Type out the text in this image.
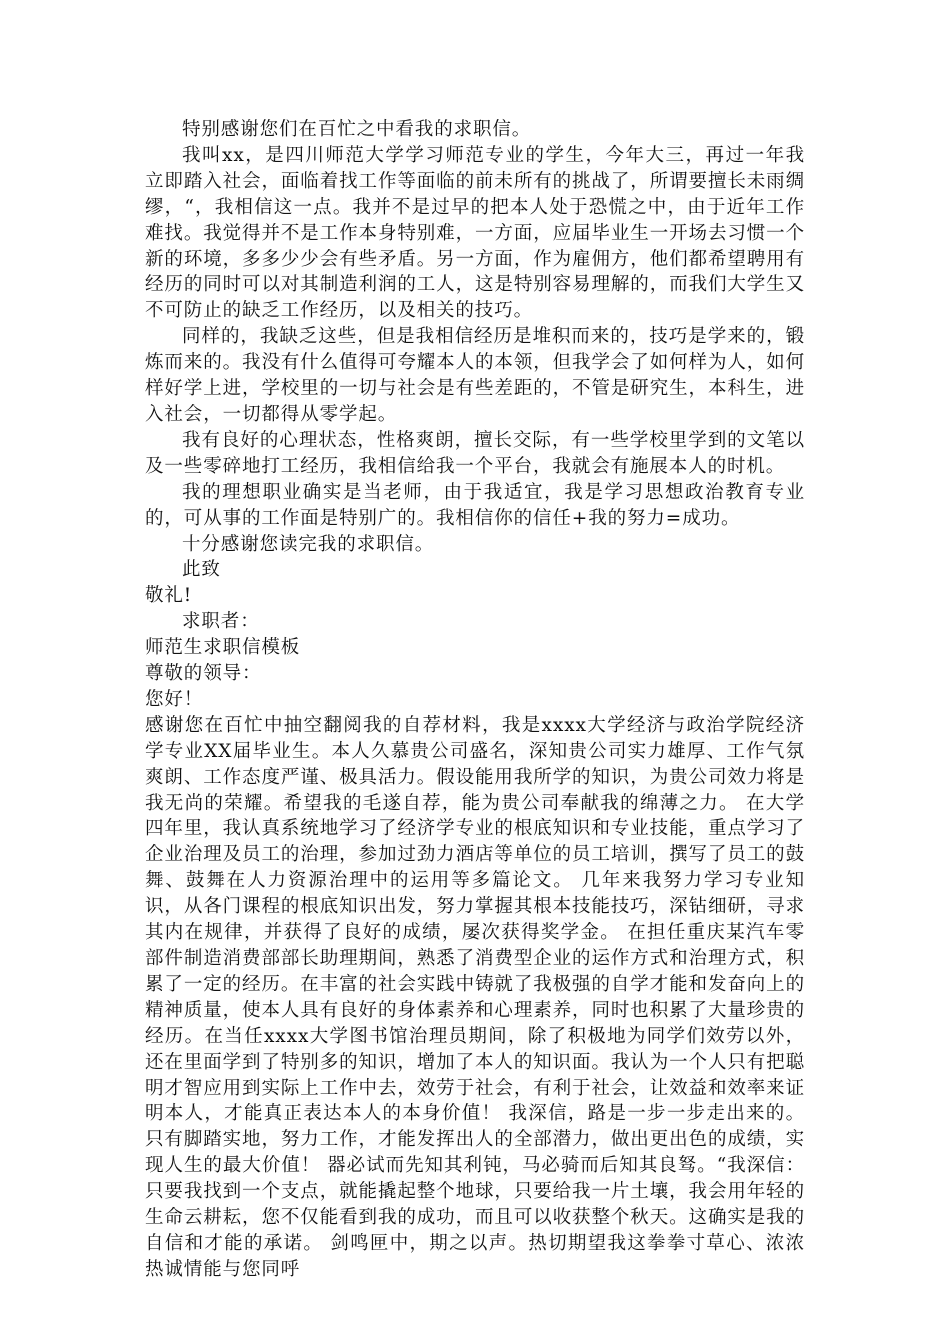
特别感谢您们在百忙之中看我的求职信。

我叫xx，是四川师范大学学习师范专业的学生，今年大三，再过一年我立即踏入社会，面临着找工作等面临的前未所有的挑战了，所谓要擅长未雨绸缪，“，我相信这一点。我并不是过早的把本人处于恐慌之中，由于近年工作难找。我觉得并不是工作本身特别难，一方面，应届毕业生一开场去习惯一个新的环境，多多少少会有些矛盾。另一方面，作为雇佣方，他们都希望聘用有经历的同时可以对其制造利润的工人，这是特别容易理解的，而我们大学生又不可防止的缺乏工作经历，以及相关的技巧。

同样的，我缺乏这些，但是我相信经历是堆积而来的，技巧是学来的，锻炼而来的。我没有什么值得可夸耀本人的本领，但我学会了如何样为人，如何样好学上进，学校里的一切与社会是有些差距的，不管是研究生，本科生，进入社会，一切都得从零学起。

我有良好的心理状态，性格爽朗，擅长交际，有一些学校里学到的文笔以及一些零碎地打工经历，我相信给我一个平台，我就会有施展本人的时机。

我的理想职业确实是当老师，由于我适宜，我是学习思想政治教育专业的，可从事的工作面是特别广的。我相信你的信任+我的努力=成功。

十分感谢您读完我的求职信。

此致

敬礼!

求职者：

师范生求职信模板

尊敬的领导：

您好！

感谢您在百忙中抽空翻阅我的自荐材料，我是xxxx大学经济与政治学院经济学专业XX届毕业生。本人久慕贵公司盛名，深知贵公司实力雄厚、工作气氛爽朗、工作态度严谨、极具活力。假设能用我所学的知识，为贵公司效力将是我无尚的荣耀。希望我的毛遂自荐，能为贵公司奉献我的绵薄之力。 在大学四年里，我认真系统地学习了经济学专业的根底知识和专业技能，重点学习了企业治理及员工的治理，参加过劲力酒店等单位的员工培训，撰写了员工的鼓舞、鼓舞在人力资源治理中的运用等多篇论文。 几年来我努力学习专业知识，从各门课程的根底知识出发，努力掌握其根本技能技巧，深钻细研，寻求其内在规律，并获得了良好的成绩，屡次获得奖学金。 在担任重庆某汽车零部件制造消费部部长助理期间，熟悉了消费型企业的运作方式和治理方式，积累了一定的经历。在丰富的社会实践中铸就了我极强的自学才能和发奋向上的精神质量，使本人具有良好的身体素养和心理素养，同时也积累了大量珍贵的经历。在当任xxxx大学图书馆治理员期间，除了积极地为同学们效劳以外，还在里面学到了特别多的知识，增加了本人的知识面。我认为一个人只有把聪明才智应用到实际上工作中去，效劳于社会，有利于社会，让效益和效率来证明本人，才能真正表达本人的本身价值！ 我深信，路是一步一步走出来的。只有脚踏实地，努力工作，才能发挥出人的全部潜力，做出更出色的成绩，实现人生的最大价值！ 器必试而先知其利钝，马必骑而后知其良驽。“我深信：只要我找到一个支点，就能撬起整个地球，只要给我一片土壤，我会用年轻的生命云耕耘，您不仅能看到我的成功，而且可以收获整个秋天。这确实是我的自信和才能的承诺。 剑鸣匣中，期之以声。热切期望我这拳拳寸草心、浓浓热诚情能与您同呼
